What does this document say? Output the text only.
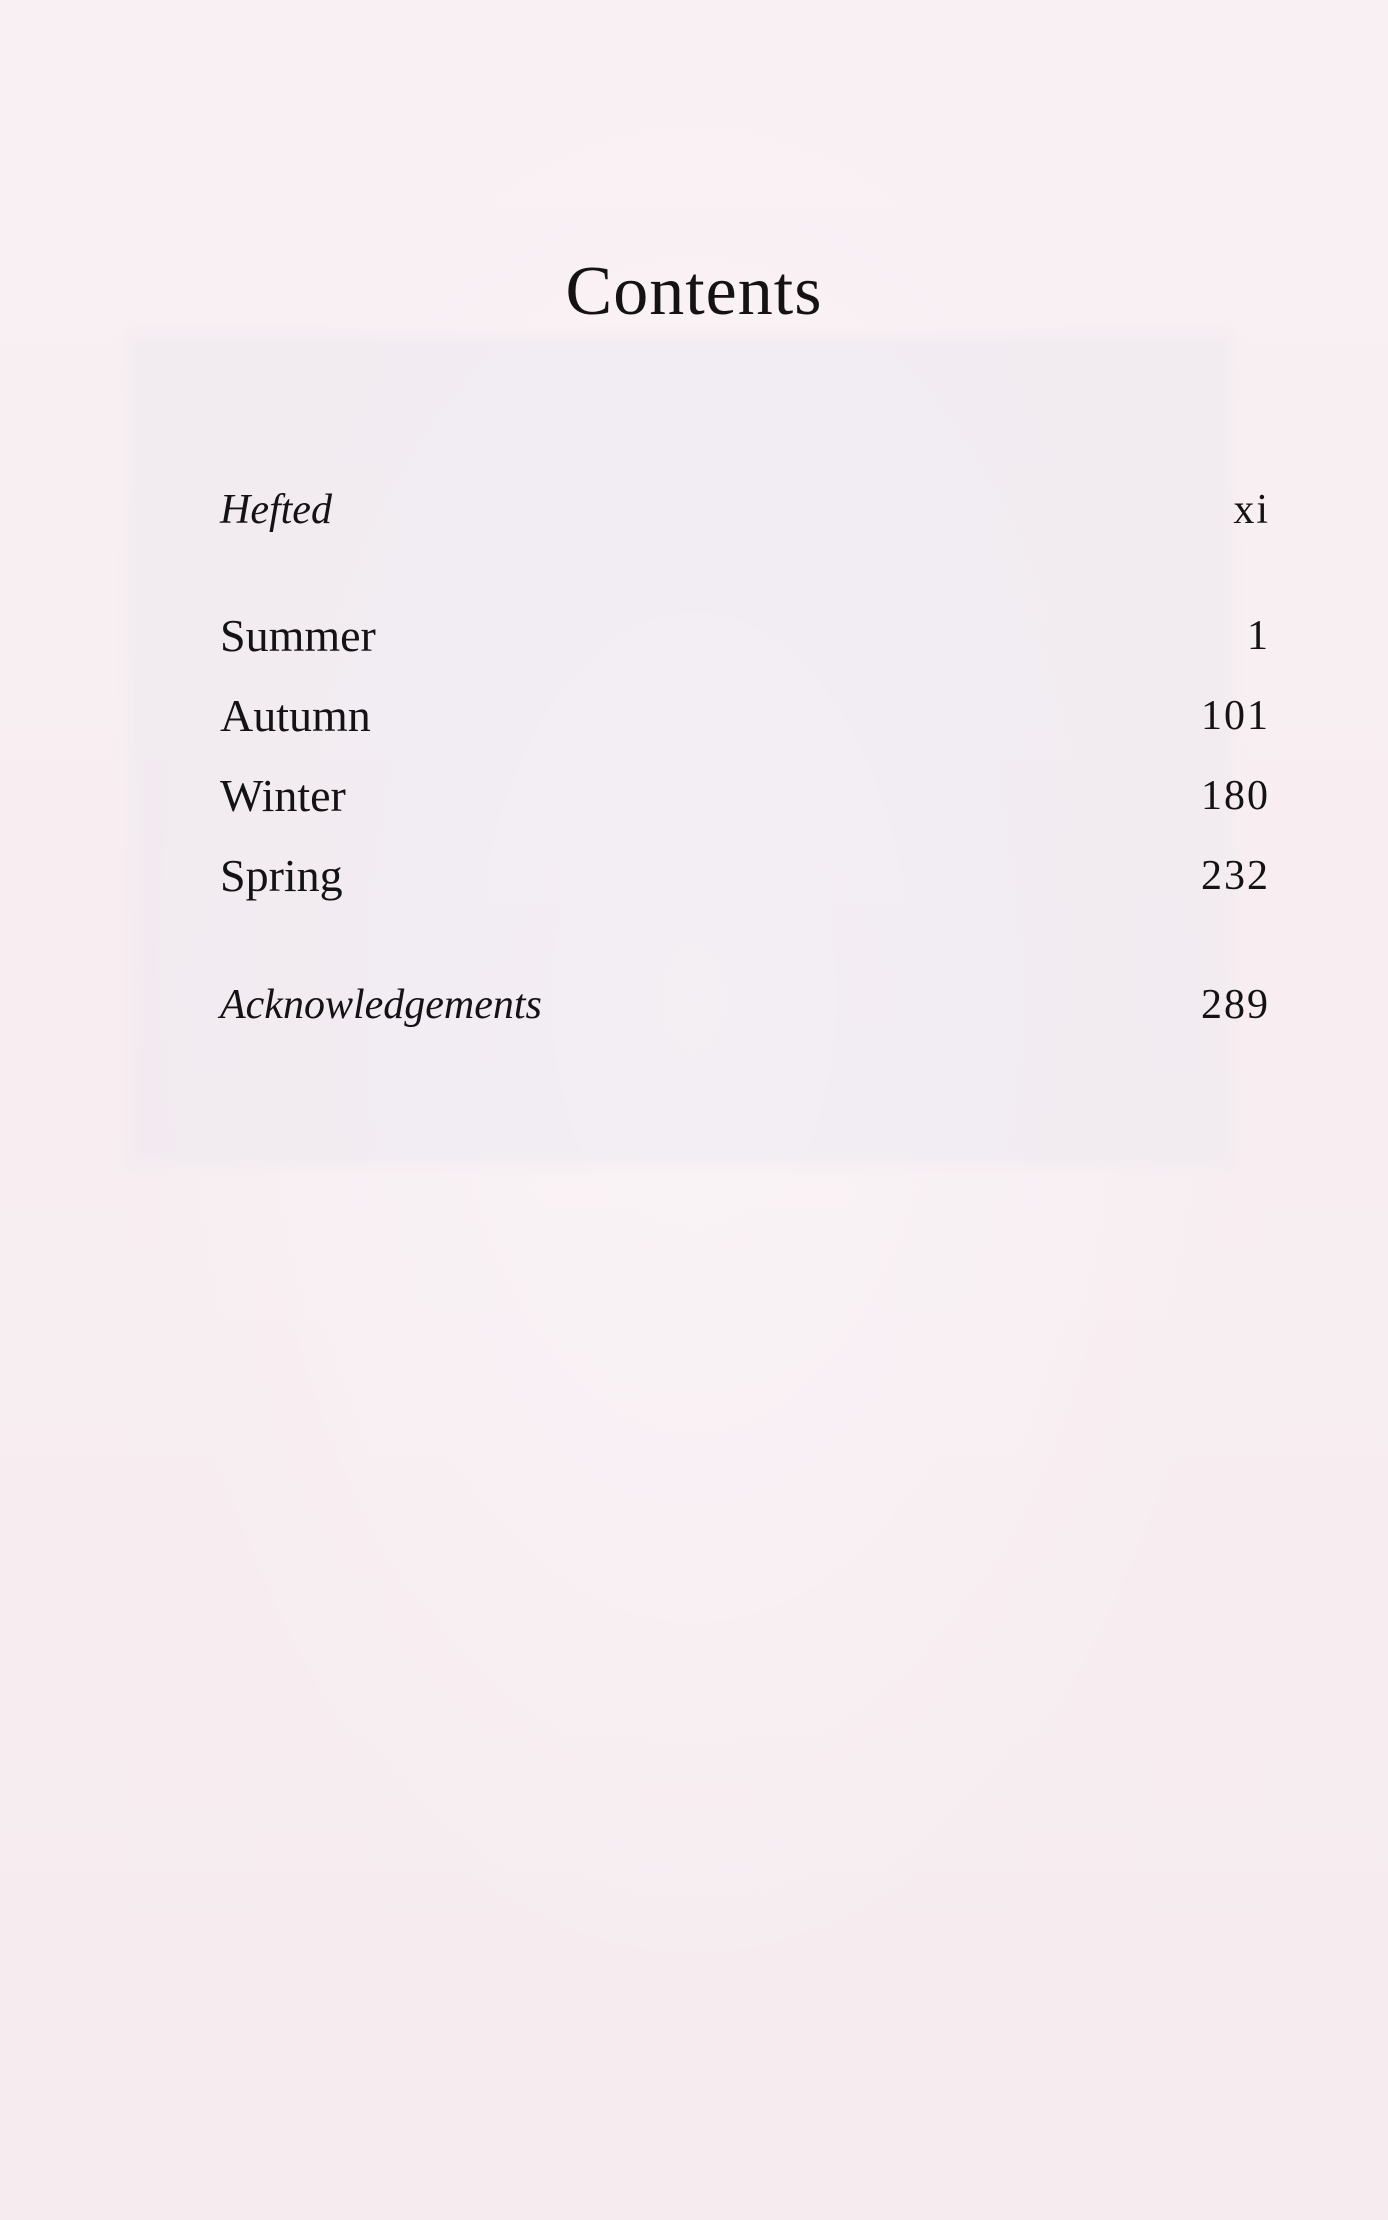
Contents
Hefted	xi
Summer	1
Autumn	101
Winter	180
Spring	232
Acknowledgements	289
